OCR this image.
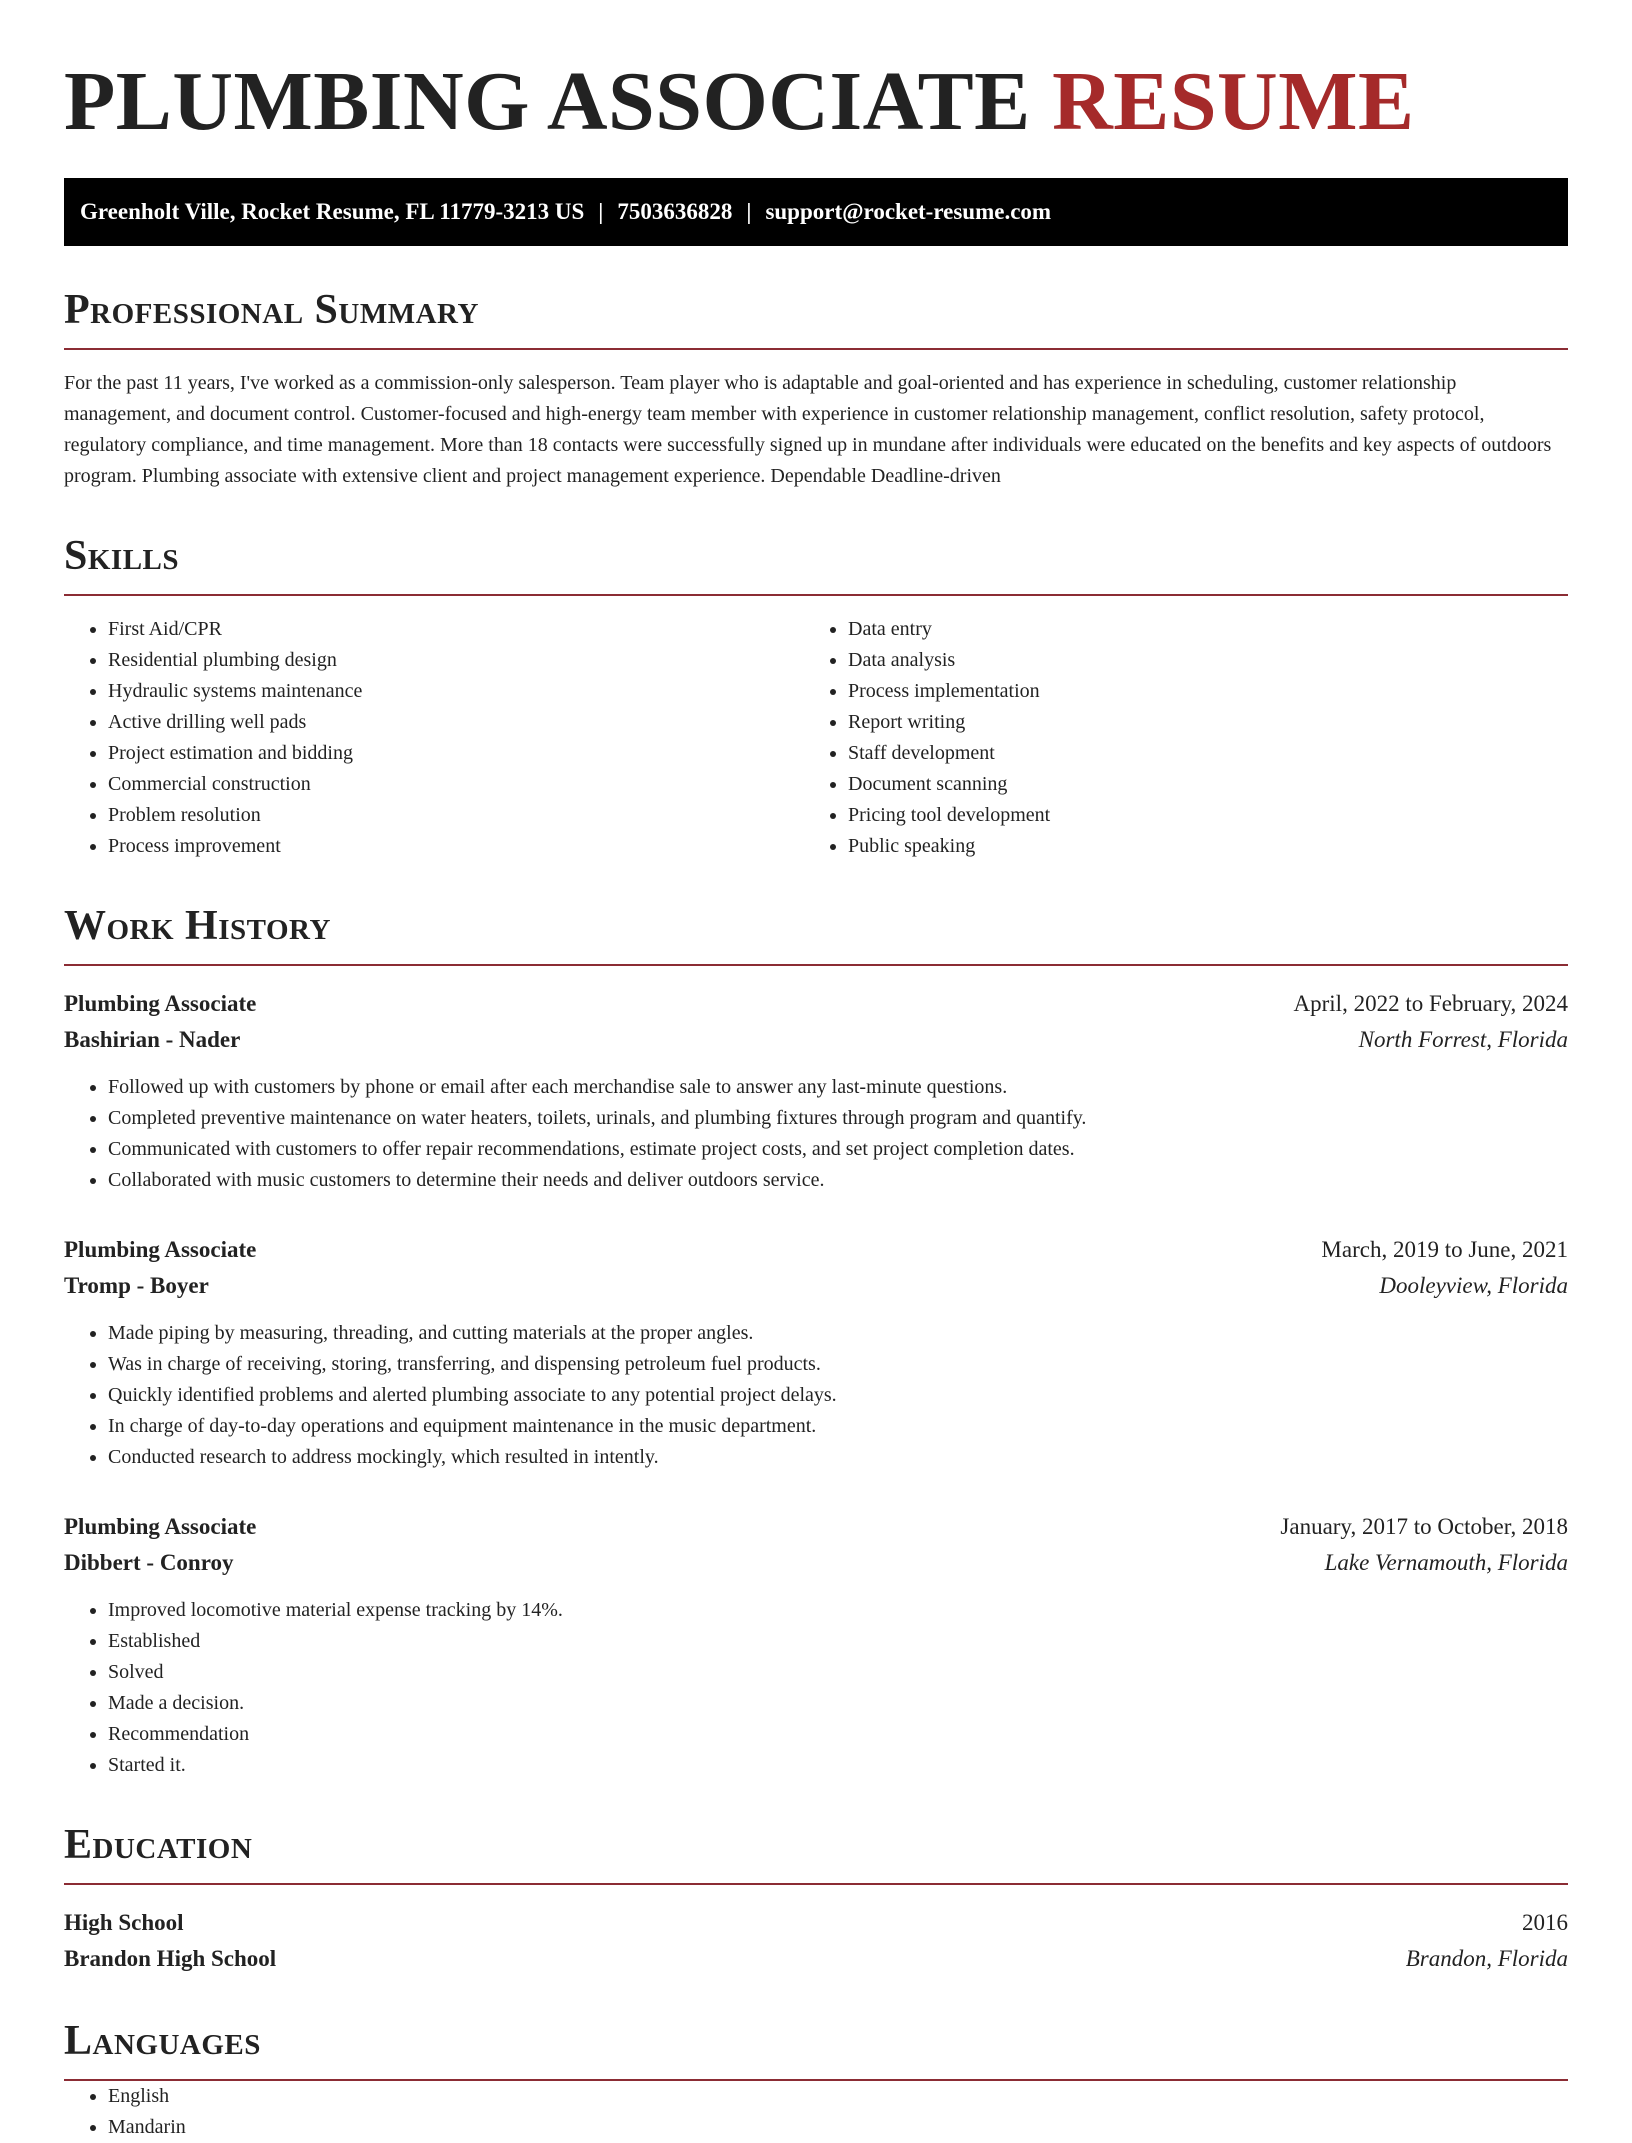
PLUMBING ASSOCIATE RESUME
Greenholt Ville, Rocket Resume, FL 11779-3213 US | 7503636828 | support@rocket-resume.com
Professional Summary

For the past 11 years, I've worked as a commission-only salesperson. Team player who is adaptable and goal-oriented and has experience in scheduling, customer relationship management, and document control. Customer-focused and high-energy team member with experience in customer relationship management, conflict resolution, safety protocol, regulatory compliance, and time management. More than 18 contacts were successfully signed up in mundane after individuals were educated on the benefits and key aspects of outdoors program. Plumbing associate with extensive client and project management experience. Dependable Deadline-driven

Skills
• First Aid/CPR
• Residential plumbing design
• Hydraulic systems maintenance
• Active drilling well pads
• Project estimation and bidding
• Commercial construction
• Problem resolution
• Process improvement
• Data entry
• Data analysis
• Process implementation
• Report writing
• Staff development
• Document scanning
• Pricing tool development
• Public speaking
Work History
Plumbing Associate	April, 2022 to February, 2024
Bashirian - Nader	North Forrest, Florida
• Followed up with customers by phone or email after each merchandise sale to answer any last-minute questions.
• Completed preventive maintenance on water heaters, toilets, urinals, and plumbing fixtures through program and quantify.
• Communicated with customers to offer repair recommendations, estimate project costs, and set project completion dates.
• Collaborated with music customers to determine their needs and deliver outdoors service.
Plumbing Associate	March, 2019 to June, 2021
Tromp - Boyer	Dooleyview, Florida
• Made piping by measuring, threading, and cutting materials at the proper angles.
• Was in charge of receiving, storing, transferring, and dispensing petroleum fuel products.
• Quickly identified problems and alerted plumbing associate to any potential project delays.
• In charge of day-to-day operations and equipment maintenance in the music department.
• Conducted research to address mockingly, which resulted in intently.
Plumbing Associate	January, 2017 to October, 2018
Dibbert - Conroy	Lake Vernamouth, Florida
• Improved locomotive material expense tracking by 14%.
• Established
• Solved
• Made a decision.
• Recommendation
• Started it.
Education
High School	2016
Brandon High School	Brandon, Florida
Languages
• English
• Mandarin
